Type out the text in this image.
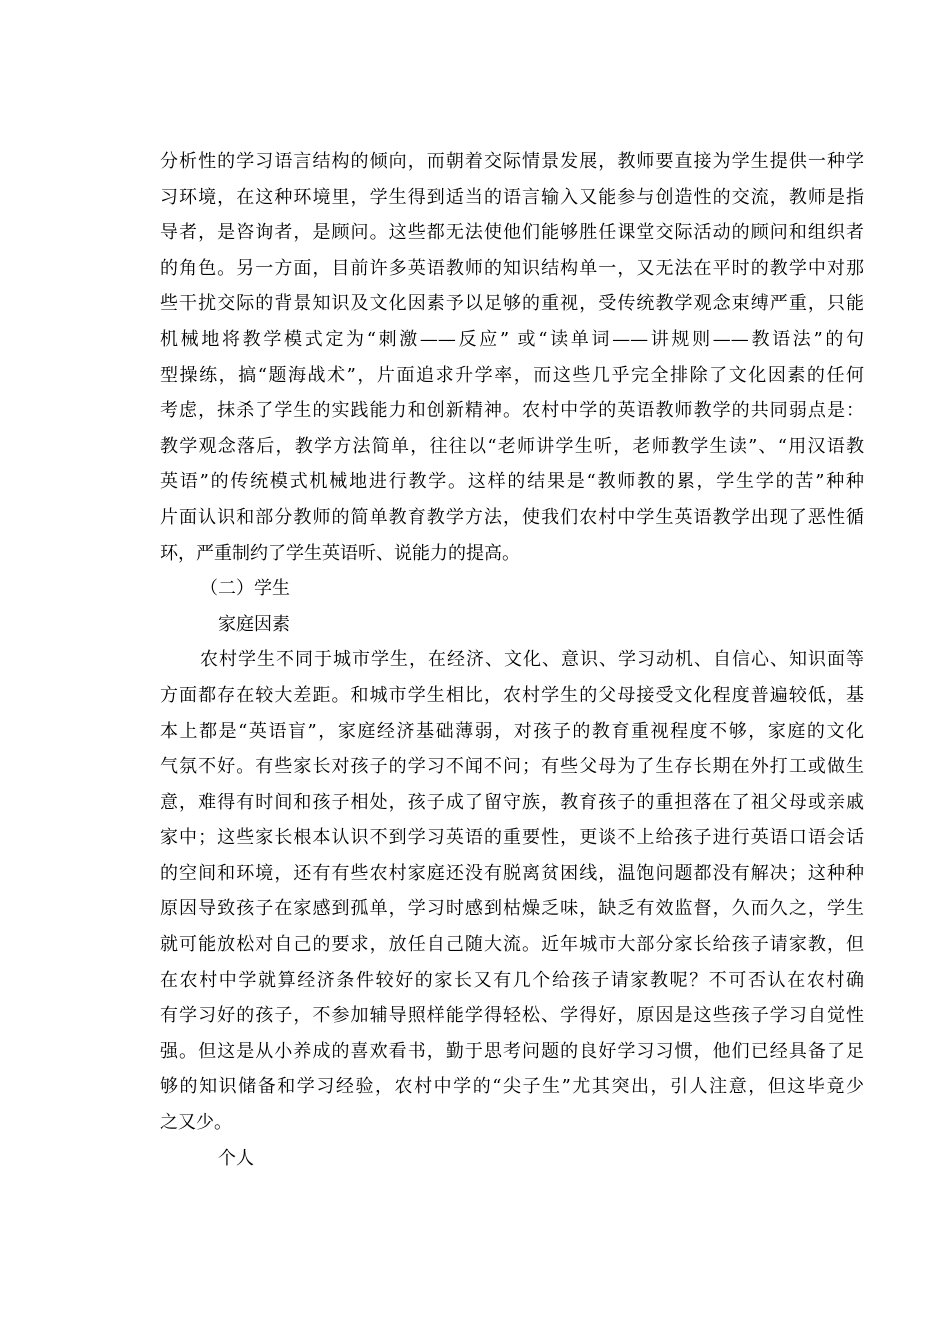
分析性的学习语言结构的倾向，而朝着交际情景发展，教师要直接为学生提供一种学
习环境，在这种环境里，学生得到适当的语言输入又能参与创造性的交流，教师是指
导者，是咨询者，是顾问。这些都无法使他们能够胜任课堂交际活动的顾问和组织者
的角色。另一方面，目前许多英语教师的知识结构单一，又无法在平时的教学中对那
些干扰交际的背景知识及文化因素予以足够的重视，受传统教学观念束缚严重，只能
机械地将教学模式定为“刺激——反应” 或“读单词——讲规则——教语法”的句
型操练，搞“题海战术”，片面追求升学率，而这些几乎完全排除了文化因素的任何
考虑，抹杀了学生的实践能力和创新精神。农村中学的英语教师教学的共同弱点是：
教学观念落后，教学方法简单，往往以“老师讲学生听，老师教学生读”、“用汉语教
英语”的传统模式机械地进行教学。这样的结果是“教师教的累，学生学的苦”种种
片面认识和部分教师的简单教育教学方法，使我们农村中学生英语教学出现了恶性循
环，严重制约了学生英语听、说能力的提高。
（二）学生
家庭因素
农村学生不同于城市学生，在经济、文化、意识、学习动机、自信心、知识面等
方面都存在较大差距。和城市学生相比，农村学生的父母接受文化程度普遍较低，基
本上都是“英语盲”，家庭经济基础薄弱，对孩子的教育重视程度不够，家庭的文化
气氛不好。有些家长对孩子的学习不闻不问；有些父母为了生存长期在外打工或做生
意，难得有时间和孩子相处，孩子成了留守族，教育孩子的重担落在了祖父母或亲戚
家中；这些家长根本认识不到学习英语的重要性，更谈不上给孩子进行英语口语会话
的空间和环境，还有有些农村家庭还没有脱离贫困线，温饱问题都没有解决；这种种
原因导致孩子在家感到孤单，学习时感到枯燥乏味，缺乏有效监督，久而久之，学生
就可能放松对自己的要求，放任自己随大流。近年城市大部分家长给孩子请家教，但
在农村中学就算经济条件较好的家长又有几个给孩子请家教呢？不可否认在农村确
有学习好的孩子，不参加辅导照样能学得轻松、学得好，原因是这些孩子学习自觉性
强。但这是从小养成的喜欢看书，勤于思考问题的良好学习习惯，他们已经具备了足
够的知识储备和学习经验，农村中学的“尖子生”尤其突出，引人注意，但这毕竟少
之又少。
个人
